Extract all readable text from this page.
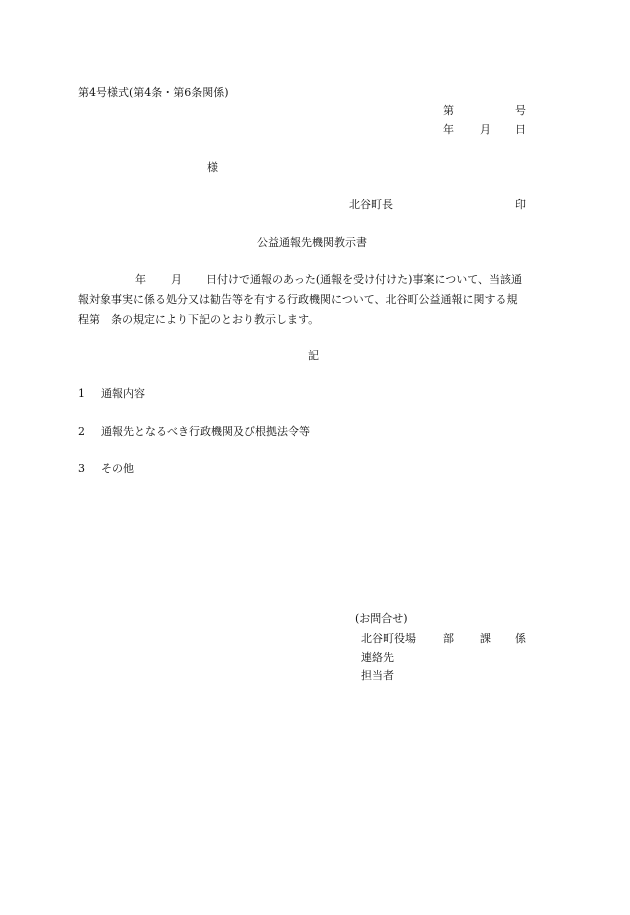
第4号様式(第4条・第6条関係)
第	号
年 月 日
様
北谷町長	印
公益通報先機関教示書
年 月 日付けで通報のあった(通報を受け付けた)事案について、当該通
報対象事実に係る処分又は勧告等を有する行政機関について、北谷町公益通報に関する規
程第 条の規定により下記のとおり教示します。
記
1 通報内容
2 通報先となるべき行政機関及び根拠法令等
3 その他
(お問合せ)
北谷町役場 部 課 係
連絡先
担当者
